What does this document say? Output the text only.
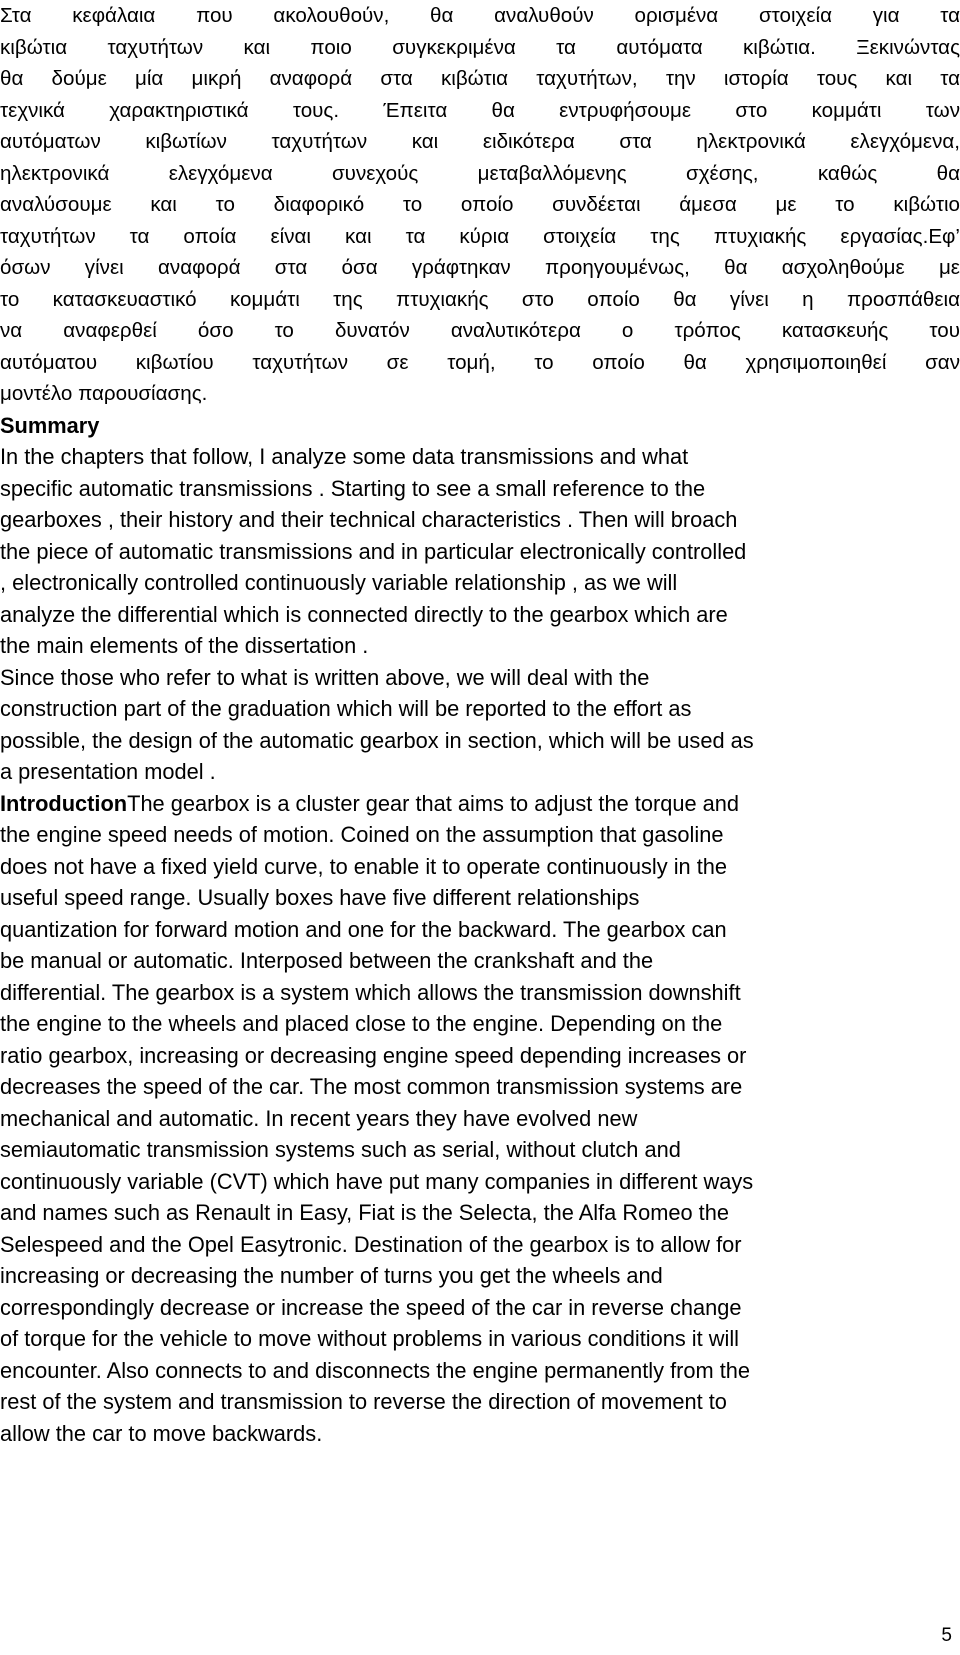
Στα κεφάλαια που ακολουθούν, θα αναλυθούν ορισμένα στοιχεία για τα
κιβώτια ταχυτήτων και ποιο συγκεκριμένα τα αυτόματα κιβώτια. Ξεκινώντας
θα δούμε μία μικρή αναφορά στα κιβώτια ταχυτήτων, την ιστορία τους και τα
τεχνικά χαρακτηριστικά τους. Έπειτα θα εντρυφήσουμε στο κομμάτι των
αυτόματων κιβωτίων ταχυτήτων και ειδικότερα στα ηλεκτρονικά ελεγχόμενα,
ηλεκτρονικά ελεγχόμενα συνεχούς μεταβαλλόμενης σχέσης, καθώς θα
αναλύσουμε και το διαφορικό το οποίο συνδέεται άμεσα με το κιβώτιο
ταχυτήτων τα οποία είναι και τα κύρια στοιχεία της πτυχιακής εργασίας.Εφ’
όσων γίνει αναφορά στα όσα γράφτηκαν προηγουμένως, θα ασχοληθούμε με
το κατασκευαστικό κομμάτι της πτυχιακής στο οποίο θα γίνει η προσπάθεια
να αναφερθεί όσο το δυνατόν αναλυτικότερα ο τρόπος κατασκευής του
αυτόματου κιβωτίου ταχυτήτων σε τομή, το οποίο θα χρησιμοποιηθεί σαν
μοντέλο παρουσίασης.
Summary
In the chapters that follow, I analyze some data transmissions and what
specific automatic transmissions . Starting to see a small reference to the
gearboxes , their history and their technical characteristics . Then will broach
the piece of automatic transmissions and in particular electronically controlled
, electronically controlled continuously variable relationship , as we will
analyze the differential which is connected directly to the gearbox which are
the main elements of the dissertation .
Since those who refer to what is written above, we will deal with the
construction part of the graduation which will be reported to the effort as
possible, the design of the automatic gearbox in section, which will be used as
a presentation model .
IntroductionThe gearbox is a cluster gear that aims to adjust the torque and
the engine speed needs of motion. Coined on the assumption that gasoline
does not have a fixed yield curve, to enable it to operate continuously in the
useful speed range. Usually boxes have five different relationships
quantization for forward motion and one for the backward. The gearbox can
be manual or automatic. Interposed between the crankshaft and the
differential. The gearbox is a system which allows the transmission downshift
the engine to the wheels and placed close to the engine. Depending on the
ratio gearbox, increasing or decreasing engine speed depending increases or
decreases the speed of the car. The most common transmission systems are
mechanical and automatic. In recent years they have evolved new
semiautomatic transmission systems such as serial, without clutch and
continuously variable (CVT) which have put many companies in different ways
and names such as Renault in Easy, Fiat is the Selecta, the Alfa Romeo the
Selespeed and the Opel Easytronic. Destination of the gearbox is to allow for
increasing or decreasing the number of turns you get the wheels and
correspondingly decrease or increase the speed of the car in reverse change
of torque for the vehicle to move without problems in various conditions it will
encounter. Also connects to and disconnects the engine permanently from the
rest of the system and transmission to reverse the direction of movement to
allow the car to move backwards.
5
